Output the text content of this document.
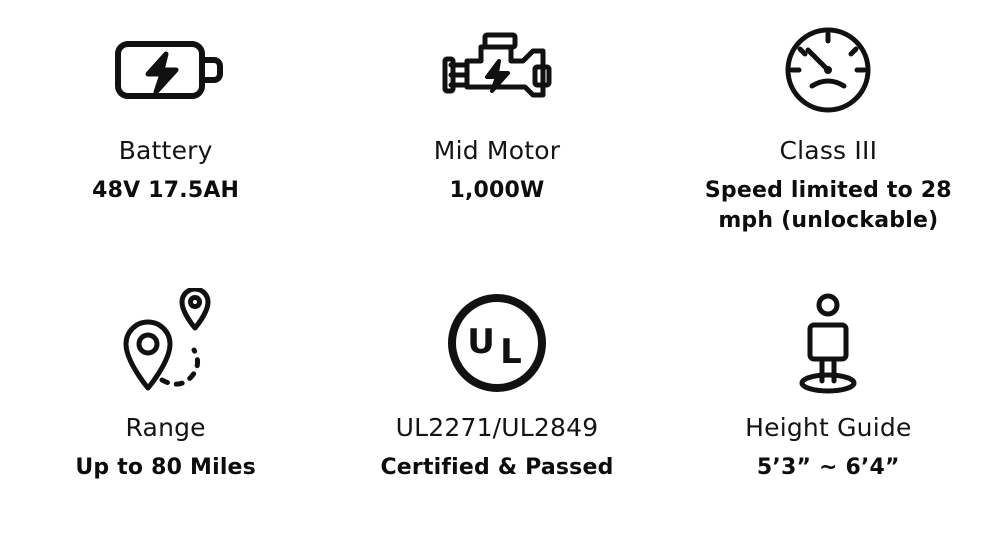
Battery
48V 17.5AH
Mid Motor
1,000W
Class III
Speed limited to 28 mph (unlockable)
Range
Up to 80 Miles
U L
UL2271/UL2849
Certified & Passed
Height Guide
5’3” ~ 6’4”
